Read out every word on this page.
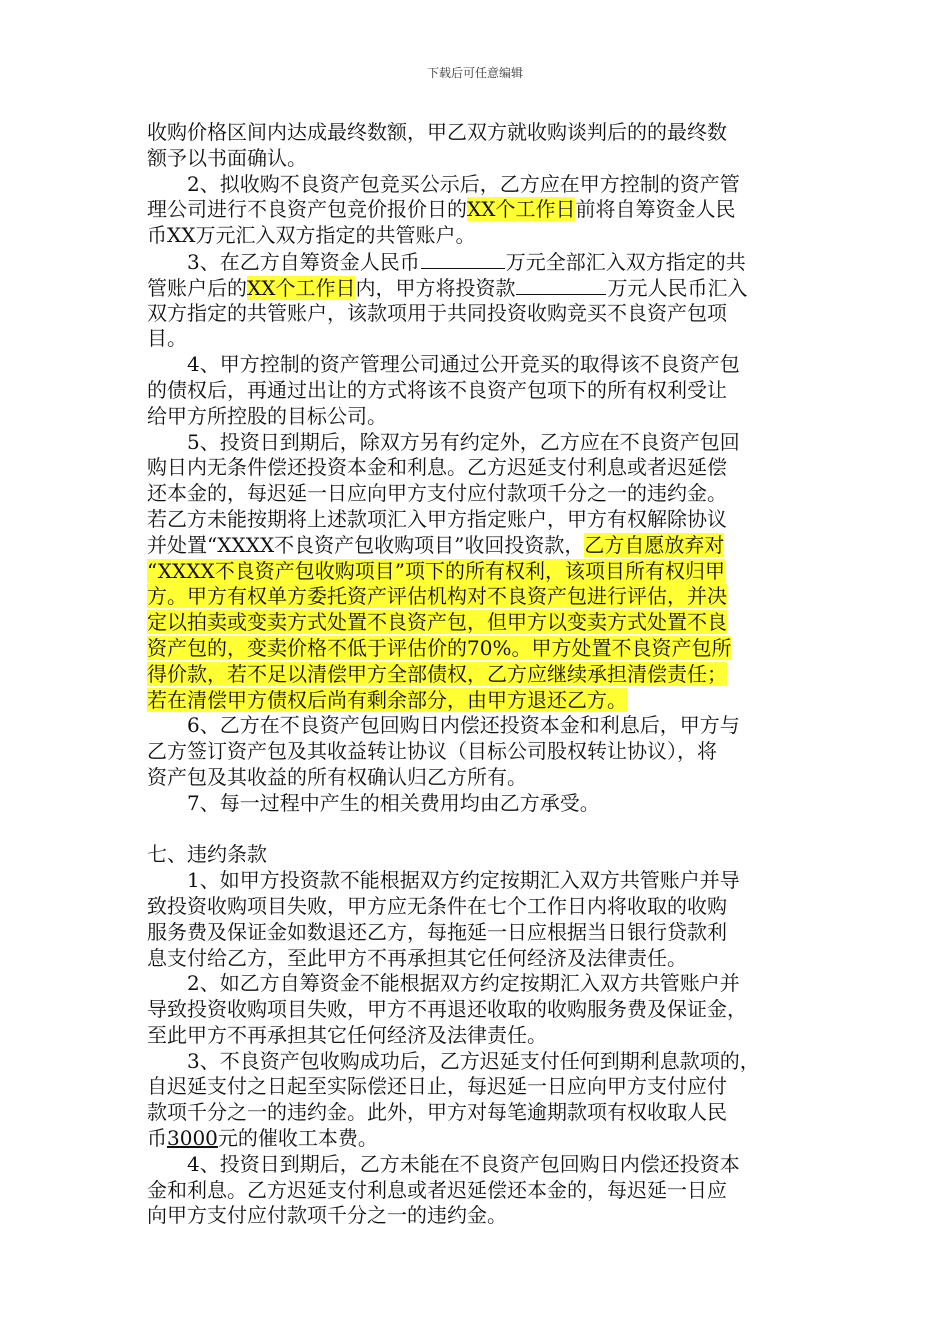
下载后可任意编辑
收购价格区间内达成最终数额，甲乙双方就收购谈判后的的最终数
额予以书面确认。
2、拟收购不良资产包竞买公示后，乙方应在甲方控制的资产管
理公司进行不良资产包竞价报价日的XX个工作日前将自筹资金人民
币XX万元汇入双方指定的共管账户。
3、在乙方自筹资金人民币	万元全部汇入双方指定的共
管账户后的XX个工作日内，甲方将投资款	万元人民币汇入
双方指定的共管账户，该款项用于共同投资收购竞买不良资产包项
目。
4、甲方控制的资产管理公司通过公开竞买的取得该不良资产包
的债权后，再通过出让的方式将该不良资产包项下的所有权利受让
给甲方所控股的目标公司。
5、投资日到期后，除双方另有约定外，乙方应在不良资产包回
购日内无条件偿还投资本金和利息。乙方迟延支付利息或者迟延偿
还本金的，每迟延一日应向甲方支付应付款项千分之一的违约金。
若乙方未能按期将上述款项汇入甲方指定账户，甲方有权解除协议
并处置“XXXX不良资产包收购项目”收回投资款，乙方自愿放弃对
“XXXX不良资产包收购项目”项下的所有权利，该项目所有权归甲
方。甲方有权单方委托资产评估机构对不良资产包进行评估，并决
定以拍卖或变卖方式处置不良资产包，但甲方以变卖方式处置不良
资产包的，变卖价格不低于评估价的70%。甲方处置不良资产包所
得价款，若不足以清偿甲方全部债权，乙方应继续承担清偿责任；
若在清偿甲方债权后尚有剩余部分，由甲方退还乙方。
6、乙方在不良资产包回购日内偿还投资本金和利息后，甲方与
乙方签订资产包及其收益转让协议（目标公司股权转让协议），将
资产包及其收益的所有权确认归乙方所有。
7、每一过程中产生的相关费用均由乙方承受。
七、违约条款
1、如甲方投资款不能根据双方约定按期汇入双方共管账户并导
致投资收购项目失败，甲方应无条件在七个工作日内将收取的收购
服务费及保证金如数退还乙方，每拖延一日应根据当日银行贷款利
息支付给乙方，至此甲方不再承担其它任何经济及法律责任。
2、如乙方自筹资金不能根据双方约定按期汇入双方共管账户并
导致投资收购项目失败，甲方不再退还收取的收购服务费及保证金，
至此甲方不再承担其它任何经济及法律责任。
3、不良资产包收购成功后，乙方迟延支付任何到期利息款项的，
自迟延支付之日起至实际偿还日止，每迟延一日应向甲方支付应付
款项千分之一的违约金。此外，甲方对每笔逾期款项有权收取人民
币3000元的催收工本费。
4、投资日到期后，乙方未能在不良资产包回购日内偿还投资本
金和利息。乙方迟延支付利息或者迟延偿还本金的，每迟延一日应
向甲方支付应付款项千分之一的违约金。
